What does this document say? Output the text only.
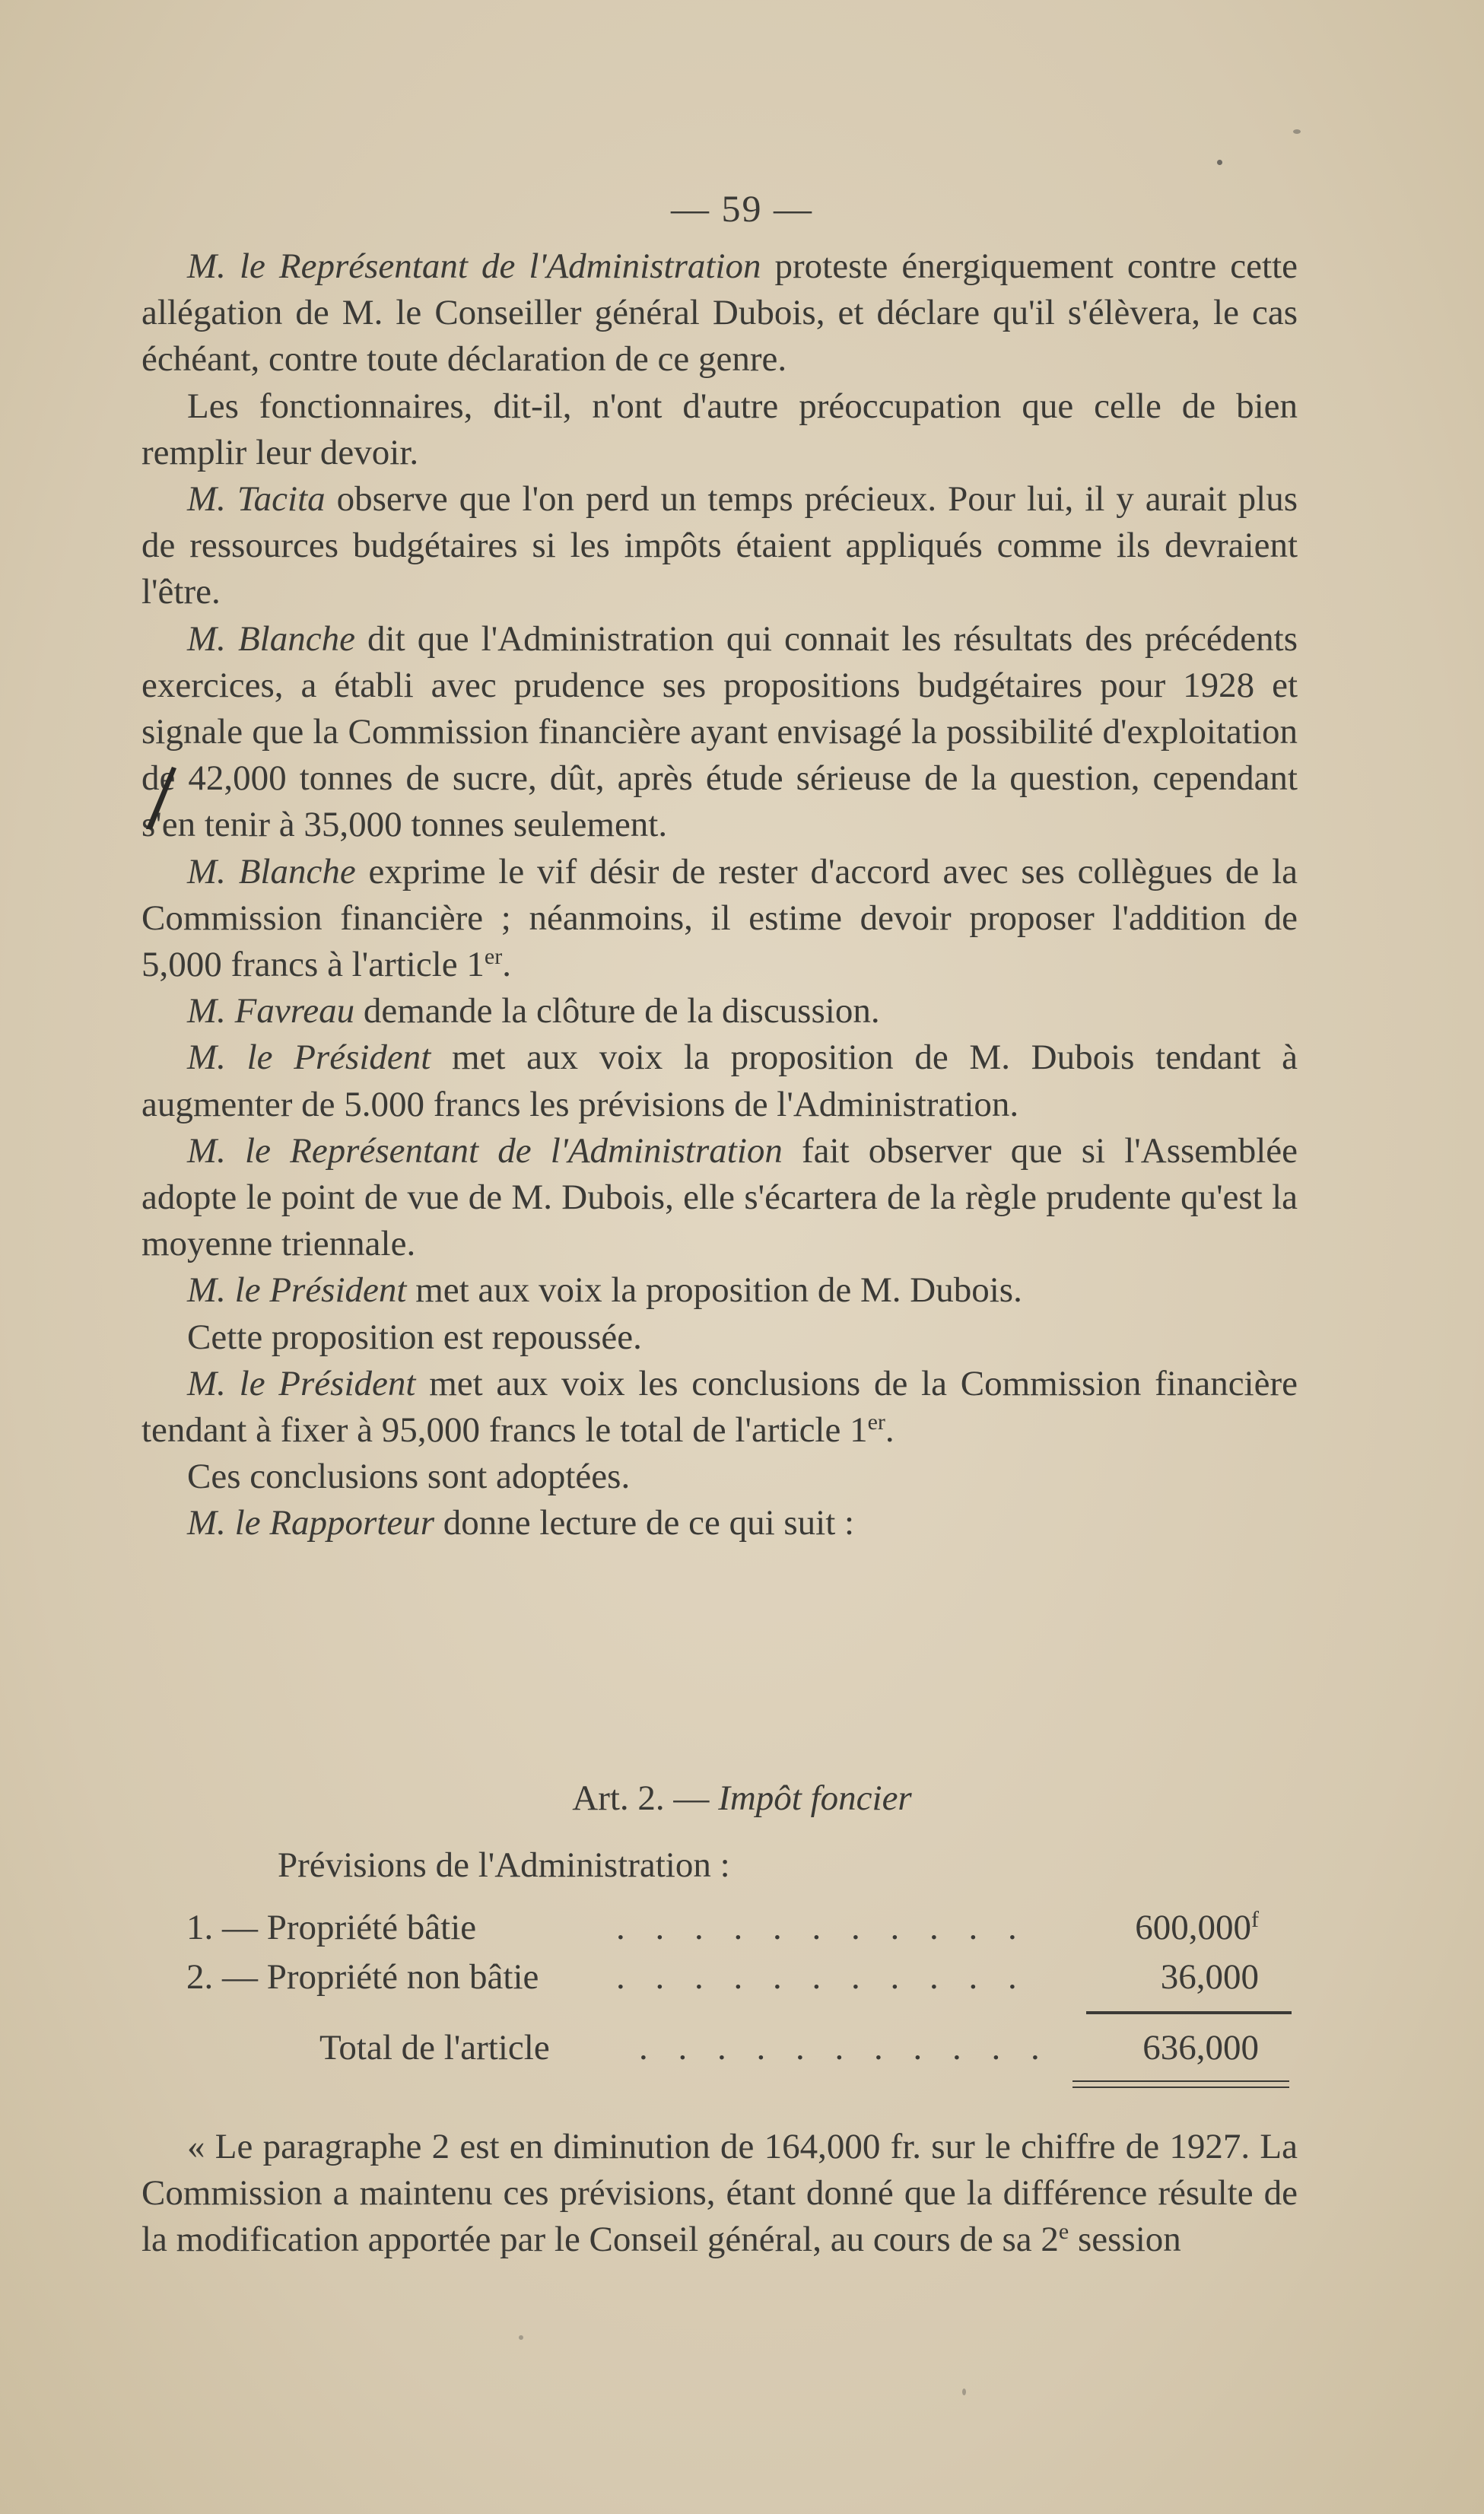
— 59 —

M. le Représentant de l'Administration proteste énergiquement contre cette allégation de M. le Conseiller général Dubois, et déclare qu'il s'élèvera, le cas échéant, contre toute déclaration de ce genre.

Les fonctionnaires, dit-il, n'ont d'autre préoccupation que celle de bien remplir leur devoir.

M. Tacita observe que l'on perd un temps précieux. Pour lui, il y aurait plus de ressources budgétaires si les impôts étaient appliqués comme ils devraient l'être.

M. Blanche dit que l'Administration qui connait les résultats des précédents exercices, a établi avec prudence ses propositions budgétaires pour 1928 et signale que la Commission financière ayant envisagé la possibilité d'exploitation de 42,000 tonnes de sucre, dût, après étude sérieuse de la question, cependant s'en tenir à 35,000 tonnes seulement.

M. Blanche exprime le vif désir de rester d'accord avec ses collègues de la Commission financière ; néanmoins, il estime devoir proposer l'addition de 5,000 francs à l'article 1er.

M. Favreau demande la clôture de la discussion.

M. le Président met aux voix la proposition de M. Dubois tendant à augmenter de 5.000 francs les prévisions de l'Administration.

M. le Représentant de l'Administration fait observer que si l'Assemblée adopte le point de vue de M. Dubois, elle s'écartera de la règle prudente qu'est la moyenne triennale.

M. le Président met aux voix la proposition de M. Dubois.

Cette proposition est repoussée.

M. le Président met aux voix les conclusions de la Commission financière tendant à fixer à 95,000 francs le total de l'article 1er.

Ces conclusions sont adoptées.

M. le Rapporteur donne lecture de ce qui suit :

Art. 2. — Impôt foncier
Prévisions de l'Administration :
1. — Propriété bâtie	. . . . . . . . . . .	600,000$^f$
2. — Propriété non bâtie . . . . . . . . . . .	36,000
Total de l'article . . . . . . . . . . .	636,000

« Le paragraphe 2 est en diminution de 164,000 fr. sur le chiffre de 1927. La Commission a maintenu ces prévisions, étant donné que la différence résulte de la modification apportée par le Conseil général, au cours de sa 2e session
